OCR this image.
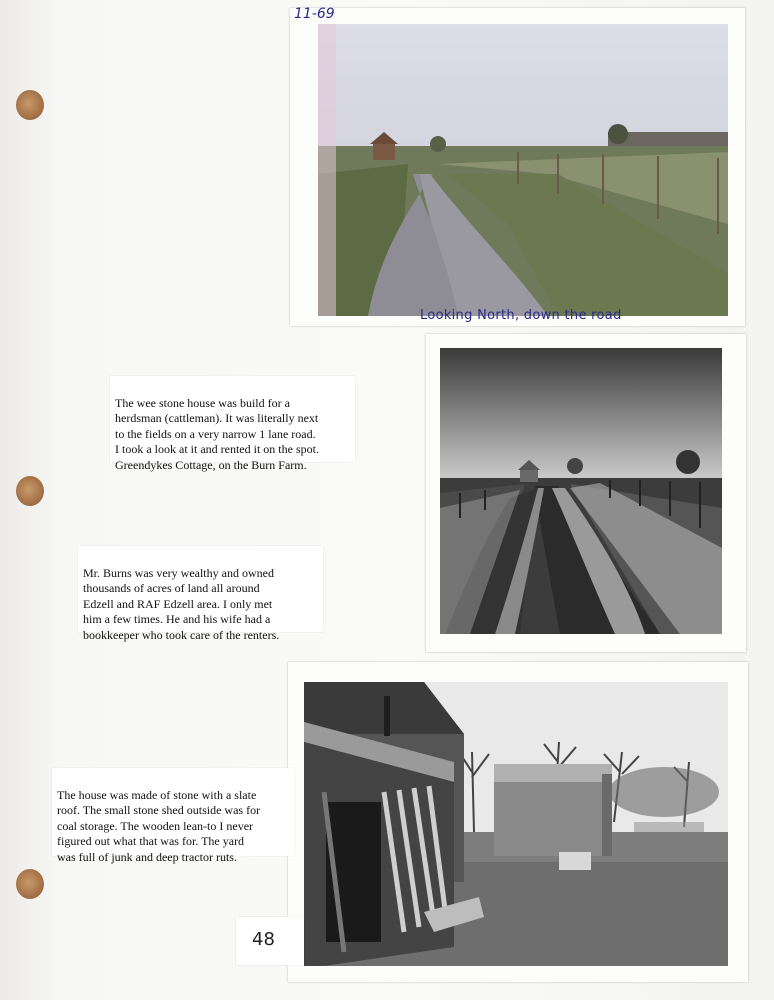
11-69
Looking North, down the road

The wee stone house was build for a
herdsman (cattleman). It was literally next
to the fields on a very narrow 1 lane road.
I took a look at it and rented it on the spot.
Greendykes Cottage, on the Burn Farm.

Mr. Burns was very wealthy and owned
thousands of acres of land all around
Edzell and RAF Edzell area. I only met
him a few times. He and his wife had a
bookkeeper who took care of the renters.

The house was made of stone with a slate
roof. The small stone shed outside was for
coal storage. The wooden lean-to I never
figured out what that was for. The yard
was full of junk and deep tractor ruts.

48
